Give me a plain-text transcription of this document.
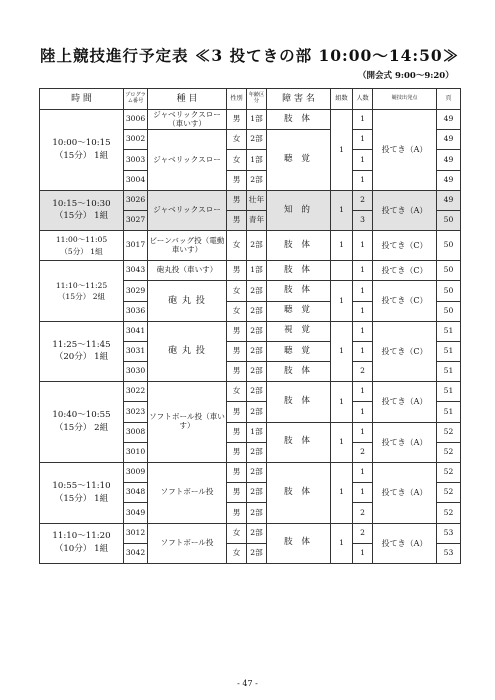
陸上競技進行予定表 ≪3 投てきの部 10:00〜14:50≫
（開会式 9:00〜9:20）
時 間	プログラム番号	種 目	性別	年齢区分	障 害 名	組数	人数	競技出発点	頁
10:00〜10:15
（15分） 1組	3006	ジャベリックスロー（車いす）	男	1部	肢 体	1	1	投てき（A）	49
	3002	ジャベリックスロー	女	2部	聴 覚		1		49
	3003		女	1部			1		49
	3004		男	2部			1		49
10:15〜10:30
（15分） 1組	3026	ジャベリックスロー	男	壮年	知 的	1	2	投てき（A）	49
	3027		男	青年			3		50
11:00〜11:05
（5分） 1組	3017	ビーンバッグ投（電動車いす）	女	2部	肢 体	1	1	投てき（C）	50
11:10〜11:25
（15分） 2組	3043	砲丸投（車いす）	男	1部	肢 体		1	投てき（C）	50
	3029	砲 丸 投	女	2部	肢 体	1	1	投てき（C）	50
	3036		女	2部	聴 覚		1		50
11:25〜11:45
（20分） 1組	3041	砲 丸 投	男	2部	視 覚	1	1	投てき（C）	51
	3031		男	2部	聴 覚		1		51
	3030		男	2部	肢 体		2		51
10:40〜10:55
（15分） 2組	3022	ソフトボール投（車いす）	女	2部	肢 体	1	1	投てき（A）	51
	3023		男	2部			1		51
	3008		男	1部	肢 体	1	1	投てき（A）	52
	3010		男	2部			2		52
10:55〜11:10
（15分） 1組	3009	ソフトボール投	男	2部	肢 体	1	1	投てき（A）	52
	3048		男	2部			1		52
	3049		男	2部			2		52
11:10〜11:20
（10分） 1組	3012	ソフトボール投	女	2部	肢 体	1	2	投てき（A）	53
	3042		女	2部			1		53
- 47 -
